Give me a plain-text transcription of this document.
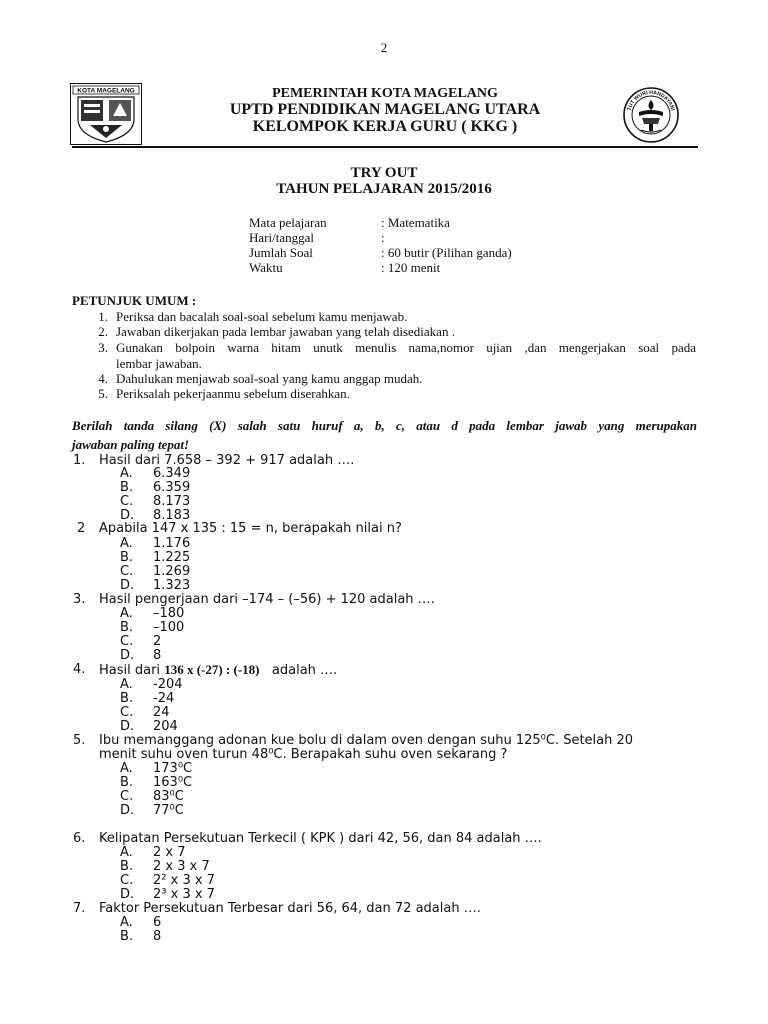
2
KOTA MAGELANG	PEMERINTAH KOTA MAGELANG
UPTD PENDIDIKAN MAGELANG UTARA
KELOMPOK KERJA GURU ( KKG )
TUT WURI HANDAYANI
TRY OUT
TAHUN PELAJARAN 2015/2016
Mata pelajaran	: Matematika
Hari/tanggal	:
Jumlah Soal	: 60 butir (Pilihan ganda)
Waktu	: 120 menit
PETUNJUK UMUM :
1. Periksa dan bacalah soal-soal sebelum kamu menjawab.
2. Jawaban dikerjakan pada lembar jawaban yang telah disediakan .
3. Gunakan bolpoin warna hitam unutk menulis nama,nomor ujian ,dan mengerjakan soal pada
lembar jawaban.
4. Dahulukan menjawab soal-soal yang kamu anggap mudah.
5. Periksalah pekerjaanmu sebelum diserahkan.
Berilah tanda silang (X) salah satu huruf a, b, c, atau d pada lembar jawab yang merupakan
jawaban paling tepat!
1. Hasil dari 7.658 – 392 + 917 adalah ….
A. 6.349
B. 6.359
C. 8.173
D. 8.183
2 Apabila 147 x 135 : 15 = n, berapakah nilai n?
A. 1.176
B. 1.225
C. 1.269
D. 1.323
3. Hasil pengerjaan dari –174 – (–56) + 120 adalah ….
A. –180
B. –100
C. 2
D. 8
4. Hasil dari 136 x (-27) : (-18) adalah ….
A. -204
B. -24
C. 24
D. 204
5. Ibu memanggang adonan kue bolu di dalam oven dengan suhu 125⁰C. Setelah 20
menit suhu oven turun 48⁰C. Berapakah suhu oven sekarang ?
A. 173⁰C
B. 163⁰C
C. 83⁰C
D. 77⁰C
6. Kelipatan Persekutuan Terkecil ( KPK ) dari 42, 56, dan 84 adalah ….
A. 2 x 7
B. 2 x 3 x 7
C. 2² x 3 x 7
D. 2³ x 3 x 7
7. Faktor Persekutuan Terbesar dari 56, 64, dan 72 adalah ….
A. 6
B. 8
